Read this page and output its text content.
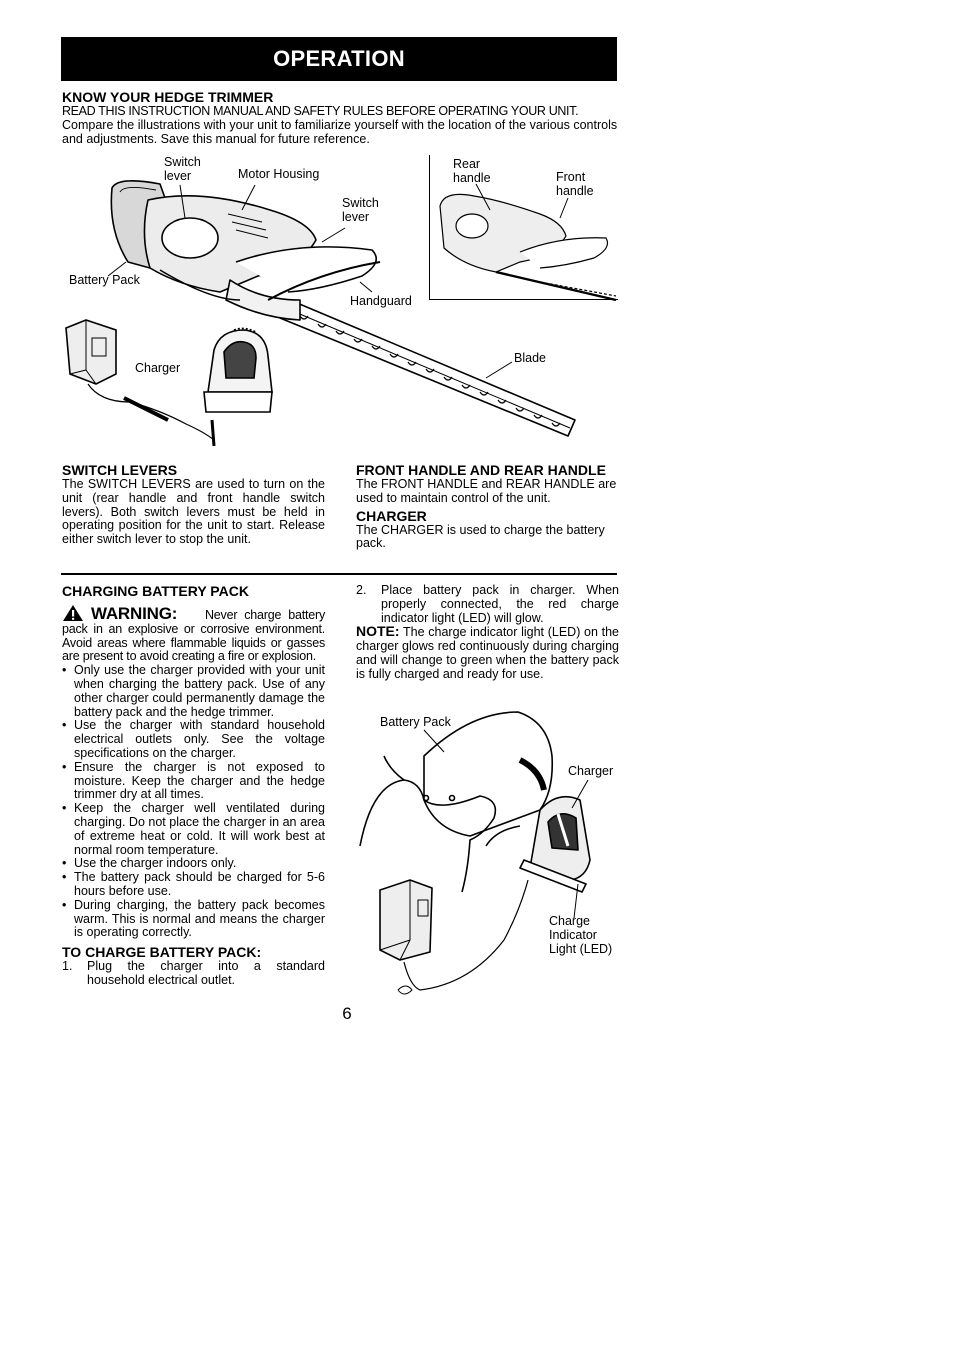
OPERATION
KNOW YOUR HEDGE TRIMMER

READ THIS INSTRUCTION MANUAL AND SAFETY RULES BEFORE OPERATING YOUR UNIT.

Compare the illustrations with your unit to familiarize yourself with the location of the various controls and adjustments. Save this manual for future reference.

Switch
lever	Motor Housing
Switch
lever
Battery Pack
Handguard
Charger
Blade
Rear
handle	Front
handle
SWITCH LEVERS

The SWITCH LEVERS are used to turn on the unit (rear handle and front handle switch levers). Both switch levers must be held in operating position for the unit to start. Release either switch lever to stop the unit.

FRONT HANDLE AND REAR HANDLE

The FRONT HANDLE and REAR HANDLE are used to maintain control of the unit.

CHARGER

The CHARGER is used to charge the battery pack.

CHARGING BATTERY PACK

WARNING: Never charge battery pack in an explosive or corrosive environment. Avoid areas where flammable liquids or gasses are present to avoid creating a fire or explosion.

• Only use the charger provided with your unit when charging the battery pack. Use of any other charger could permanently damage the battery pack and the hedge trimmer.
• Use the charger with standard household electrical outlets only. See the voltage specifications on the charger.
• Ensure the charger is not exposed to moisture. Keep the charger and the hedge trimmer dry at all times.
• Keep the charger well ventilated during charging. Do not place the charger in an area of extreme heat or cold. It will work best at normal room temperature.
• Use the charger indoors only.
• The battery pack should be charged for 5-6 hours before use.
• During charging, the battery pack becomes warm. This is normal and means the charger is operating correctly.
TO CHARGE BATTERY PACK:
1. Plug the charger into a standard household electrical outlet.
2. Place battery pack in charger. When properly connected, the red charge indicator light (LED) will glow.

NOTE: The charge indicator light (LED) on the charger glows red continuously during charging and will change to green when the battery pack is fully charged and ready for use.

Battery Pack
Charger
Charge
Indicator
Light (LED)
6
